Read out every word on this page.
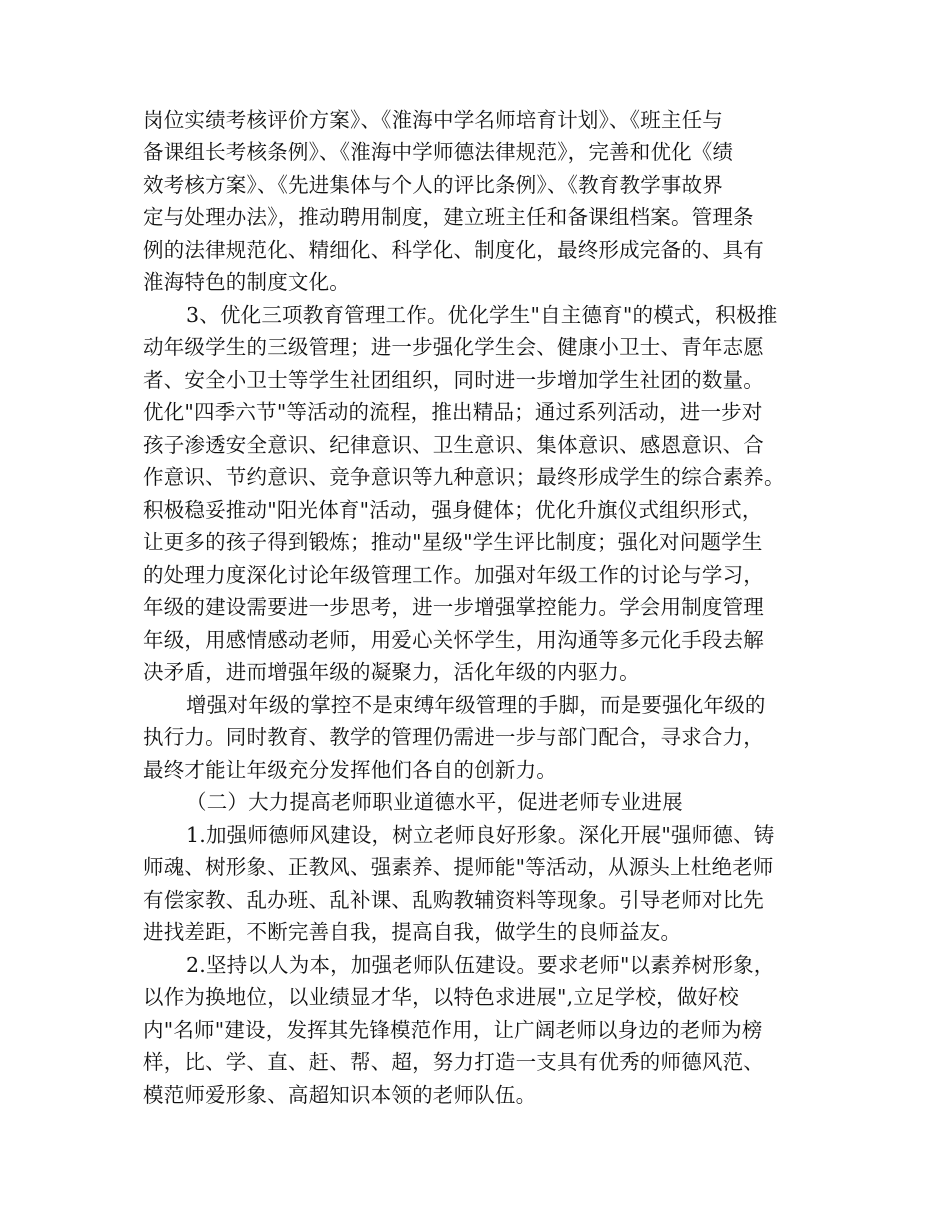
岗位实绩考核评价方案》、《淮海中学名师培育计划》、《班主任与
备课组长考核条例》、《淮海中学师德法律规范》，完善和优化《绩
效考核方案》、《先进集体与个人的评比条例》、《教育教学事故界
定与处理办法》，推动聘用制度，建立班主任和备课组档案。管理条
例的法律规范化、精细化、科学化、制度化，最终形成完备的、具有
淮海特色的制度文化。
3、优化三项教育管理工作。优化学生"自主德育"的模式，积极推
动年级学生的三级管理；进一步强化学生会、健康小卫士、青年志愿
者、安全小卫士等学生社团组织，同时进一步增加学生社团的数量。
优化"四季六节"等活动的流程，推出精品；通过系列活动，进一步对
孩子渗透安全意识、纪律意识、卫生意识、集体意识、感恩意识、合
作意识、节约意识、竞争意识等九种意识；最终形成学生的综合素养。
积极稳妥推动"阳光体育"活动，强身健体；优化升旗仪式组织形式，
让更多的孩子得到锻炼；推动"星级"学生评比制度；强化对问题学生
的处理力度深化讨论年级管理工作。加强对年级工作的讨论与学习，
年级的建设需要进一步思考，进一步增强掌控能力。学会用制度管理
年级，用感情感动老师，用爱心关怀学生，用沟通等多元化手段去解
决矛盾，进而增强年级的凝聚力，活化年级的内驱力。
增强对年级的掌控不是束缚年级管理的手脚，而是要强化年级的
执行力。同时教育、教学的管理仍需进一步与部门配合，寻求合力，
最终才能让年级充分发挥他们各自的创新力。
（二）大力提高老师职业道德水平，促进老师专业进展
1.加强师德师风建设，树立老师良好形象。深化开展"强师德、铸
师魂、树形象、正教风、强素养、提师能"等活动，从源头上杜绝老师
有偿家教、乱办班、乱补课、乱购教辅资料等现象。引导老师对比先
进找差距，不断完善自我，提高自我，做学生的良师益友。
2.坚持以人为本，加强老师队伍建设。要求老师"以素养树形象，
以作为换地位，以业绩显才华，以特色求进展",立足学校，做好校
内"名师"建设，发挥其先锋模范作用，让广阔老师以身边的老师为榜
样，比、学、直、赶、帮、超，努力打造一支具有优秀的师德风范、
模范师爱形象、高超知识本领的老师队伍。
